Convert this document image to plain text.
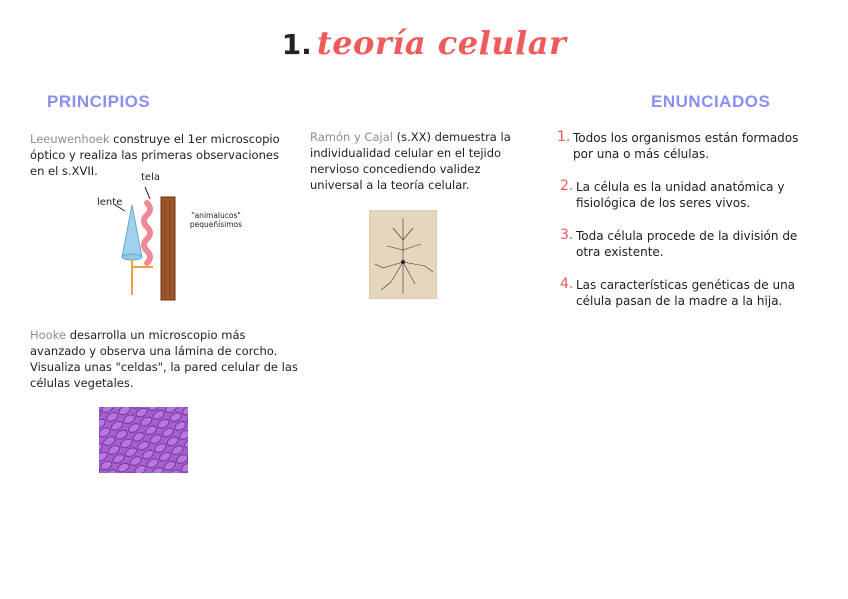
1. teoría celular
PRINCIPIOS	ENUNCIADOS
Leeuwenhoek construye el 1er microscopio óptico y realiza las primeras observaciones en el s.XVII.
lente
tela
"animalucos" pequeñísimos
Ramón y Cajal (s.XX) demuestra la individualidad celular en el tejido nervioso concediendo validez universal a la teoría celular.
Hooke desarrolla un microscopio más avanzado y observa una lámina de corcho. Visualiza unas "celdas", la pared celular de las células vegetales.
1. Todos los organismos están formados por una o más células.
2. La célula es la unidad anatómica y fisiológica de los seres vivos.
3. Toda célula procede de la división de otra existente.
4. Las características genéticas de una célula pasan de la madre a la hija.
